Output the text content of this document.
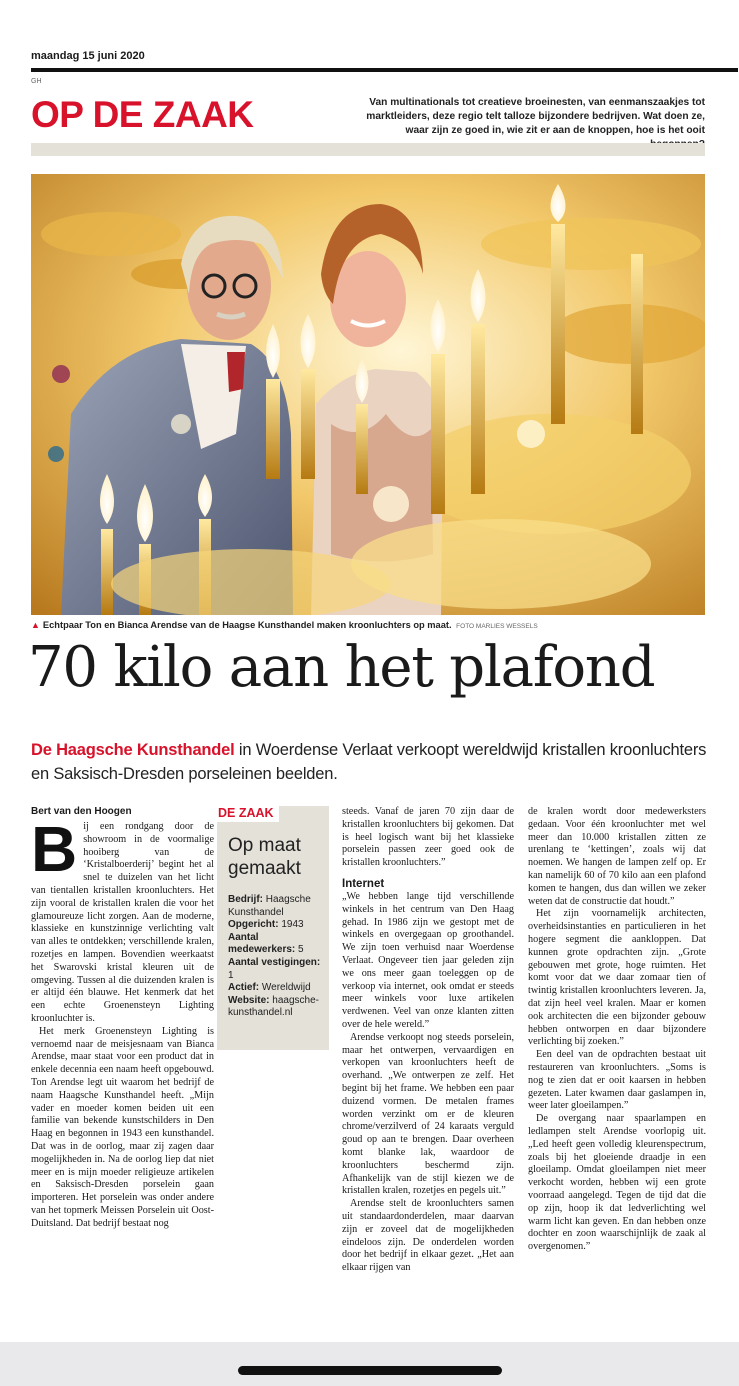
maandag 15 juni 2020
GH
OP DE ZAAK	Van multinationals tot creatieve broeinesten, van eenmanszaakjes tot marktleiders, deze regio telt talloze bijzondere bedrijven. Wat doen ze, waar zijn ze goed in, wie zit er aan de knoppen, hoe is het ooit
▲ Echtpaar Ton en Bianca Arendse van de Haagse Kunsthandel maken kroonluchters op maat. FOTO MARLIES WESSELS
70 kilo aan het plafond
De Haagsche Kunsthandel in Woerdense Verlaat verkoopt wereldwijd kristallen kroonluchters en Saksisch-Dresden porseleinen beelden.
Bert van den Hoogen

Bij een rondgang door de showroom in de voormalige hooiberg van de ‘Kristalboerderij’ begint het al snel te duizelen van het licht van tientallen kristallen kroonluchters. Het zijn vooral de kristallen kralen die voor het glamoureuze licht zorgen. Aan de moderne, klassieke en kunstzinnige verlichting valt van alles te ontdekken; verschillende kralen, rozetjes en lampen. Bovendien weerkaatst het Swarovski kristal kleuren uit de omgeving. Tussen al die duizenden kralen is er altijd één blauwe. Het kenmerk dat het een echte Groenensteyn Lighting kroonluchter is.

Het merk Groenensteyn Lighting is vernoemd naar de meisjesnaam van Bianca Arendse, maar staat voor een product dat in enkele decennia een naam heeft opgebouwd. Ton Arendse legt uit waarom het bedrijf de naam Haagsche Kunsthandel heeft. „Mijn vader en moeder komen beiden uit een familie van bekende kunstschilders in Den Haag en begonnen in 1943 een kunsthandel. Dat was in de oorlog, maar zij zagen daar mogelijkheden in. Na de oorlog liep dat niet meer en is mijn moeder religieuze artikelen en Saksisch-Dresden porselein gaan importeren. Het porselein was onder andere van het topmerk Meissen Porselein uit Oost-Duitsland. Dat bedrijf bestaat nog

DE ZAAK
Op maat gemaakt
Bedrijf: Haagsche Kunsthandel
Opgericht: 1943
Aantal medewerkers: 5
Aantal vestigingen: 1
Actief: Wereldwijd
Website: haagsche-kunsthandel.nl

steeds. Vanaf de jaren 70 zijn daar de kristallen kroonluchters bij gekomen. Dat is heel logisch want bij het klassieke porselein passen zeer goed ook de kristallen kroonluchters.”

Internet

„We hebben lange tijd verschillende winkels in het centrum van Den Haag gehad. In 1986 zijn we gestopt met de winkels en overgegaan op groothandel. We zijn toen verhuisd naar Woerdense Verlaat. Ongeveer tien jaar geleden zijn we ons meer gaan toeleggen op de verkoop via internet, ook omdat er steeds meer winkels voor luxe artikelen verdwenen. Veel van onze klanten zitten over de hele wereld.”

Arendse verkoopt nog steeds porselein, maar het ontwerpen, vervaardigen en verkopen van kroonluchters heeft de overhand. „We ontwerpen ze zelf. Het begint bij het frame. We hebben een paar duizend vormen. De metalen frames worden verzinkt om er de kleuren chrome/verzilverd of 24 karaats verguld goud op aan te brengen. Daar overheen komt blanke lak, waardoor de kroonluchters beschermd zijn. Afhankelijk van de stijl kiezen we de kristallen kralen, rozetjes en pegels uit.”

Arendse stelt de kroonluchters samen uit standaardonderdelen, maar daarvan zijn er zoveel dat de mogelijkheden eindeloos zijn. De onderdelen worden door het bedrijf in elkaar gezet. „Het aan elkaar rijgen van

de kralen wordt door medewerksters gedaan. Voor één kroonluchter met wel meer dan 10.000 kristallen zitten ze urenlang te ‘kettingen’, zoals wij dat noemen. We hangen de lampen zelf op. Er kan namelijk 60 of 70 kilo aan een plafond komen te hangen, dus dan willen we zeker weten dat de constructie dat houdt.”

Het zijn voornamelijk architecten, overheidsinstanties en particulieren in het hogere segment die aankloppen. Dat kunnen grote opdrachten zijn. „Grote gebouwen met grote, hoge ruimten. Het komt voor dat we daar zomaar tien of twintig kristallen kroonluchters leveren. Ja, dat zijn heel veel kralen. Maar er komen ook architecten die een bijzonder gebouw hebben ontworpen en daar bijzondere verlichting bij zoeken.”

Een deel van de opdrachten bestaat uit restaureren van kroonluchters. „Soms is nog te zien dat er ooit kaarsen in hebben gezeten. Later kwamen daar gaslampen in, weer later gloeilampen.”

De overgang naar spaarlampen en ledlampen stelt Arendse voorlopig uit. „Led heeft geen volledig kleurenspectrum, zoals bij het gloeiende draadje in een gloeilamp. Omdat gloeilampen niet meer verkocht worden, hebben wij een grote voorraad aangelegd. Tegen de tijd dat die op zijn, hoop ik dat ledverlichting wel warm licht kan geven. En dan hebben onze dochter en zoon waarschijnlijk de zaak al overgenomen.”
